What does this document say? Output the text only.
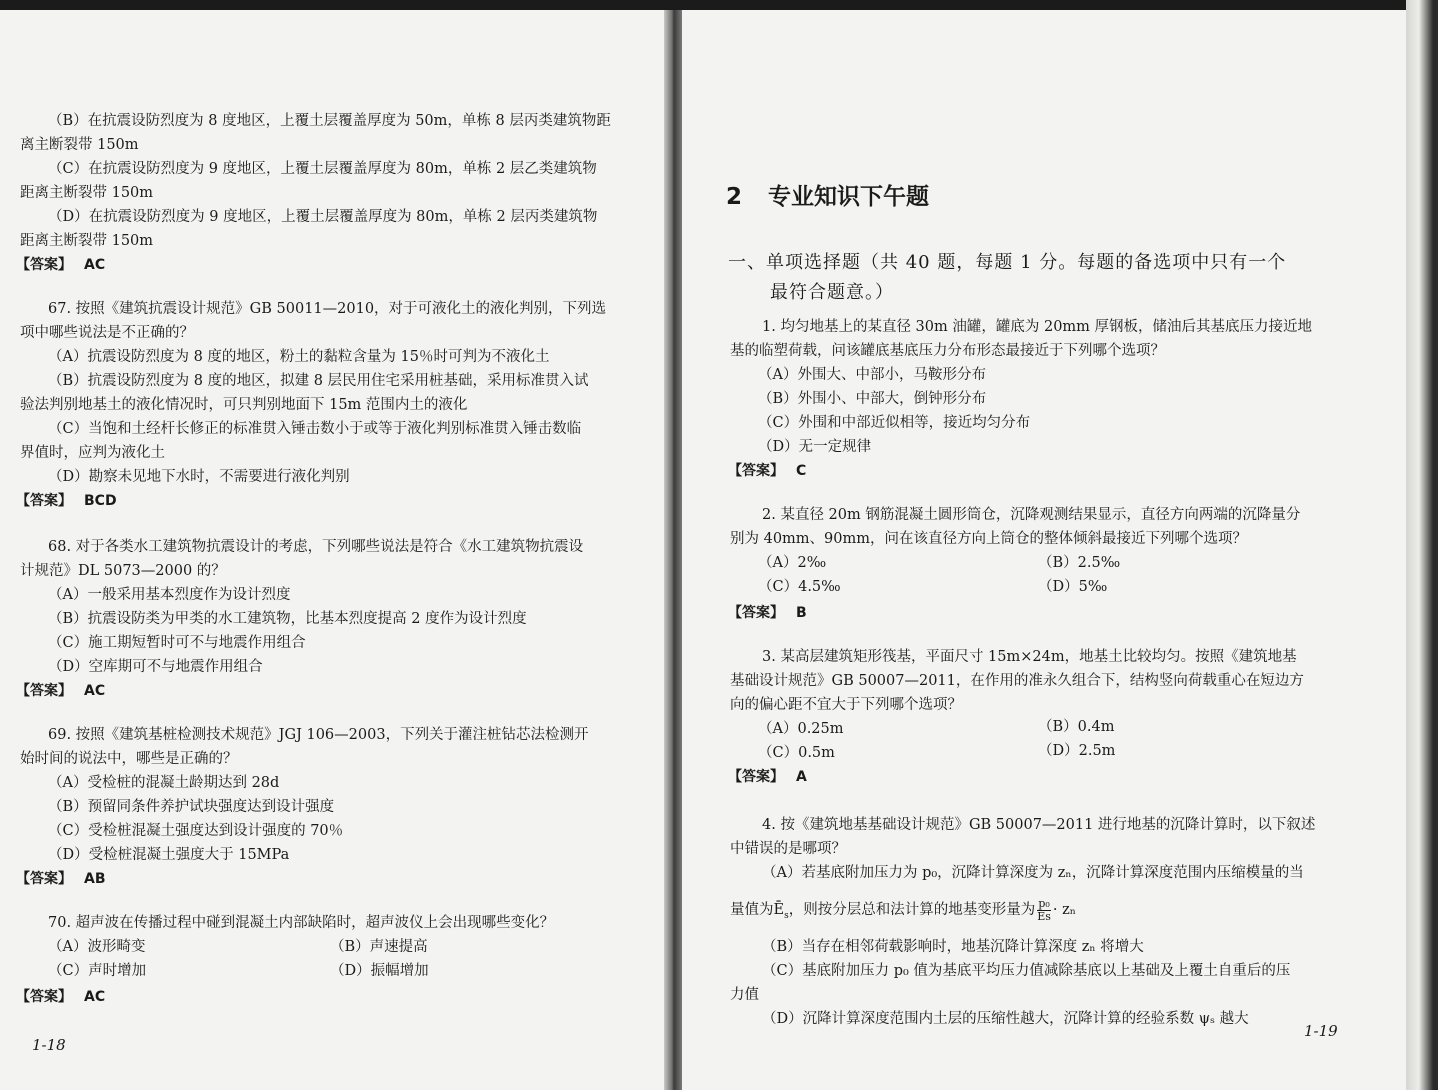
（B）在抗震设防烈度为 8 度地区，上覆土层覆盖厚度为 50m，单栋 8 层丙类建筑物距
离主断裂带 150m
（C）在抗震设防烈度为 9 度地区，上覆土层覆盖厚度为 80m，单栋 2 层乙类建筑物
距离主断裂带 150m
（D）在抗震设防烈度为 9 度地区，上覆土层覆盖厚度为 80m，单栋 2 层丙类建筑物
距离主断裂带 150m
【答案】 AC
67. 按照《建筑抗震设计规范》GB 50011—2010，对于可液化土的液化判别，下列选
项中哪些说法是不正确的？
（A）抗震设防烈度为 8 度的地区，粉土的黏粒含量为 15％时可判为不液化土
（B）抗震设防烈度为 8 度的地区，拟建 8 层民用住宅采用桩基础，采用标准贯入试
验法判别地基土的液化情况时，可只判别地面下 15m 范围内土的液化
（C）当饱和土经杆长修正的标准贯入锤击数小于或等于液化判别标准贯入锤击数临
界值时，应判为液化土
（D）勘察未见地下水时，不需要进行液化判别
【答案】 BCD
68. 对于各类水工建筑物抗震设计的考虑，下列哪些说法是符合《水工建筑物抗震设
计规范》DL 5073—2000 的？
（A）一般采用基本烈度作为设计烈度
（B）抗震设防类为甲类的水工建筑物，比基本烈度提高 2 度作为设计烈度
（C）施工期短暂时可不与地震作用组合
（D）空库期可不与地震作用组合
【答案】 AC
69. 按照《建筑基桩检测技术规范》JGJ 106—2003，下列关于灌注桩钻芯法检测开
始时间的说法中，哪些是正确的？
（A）受检桩的混凝土龄期达到 28d
（B）预留同条件养护试块强度达到设计强度
（C）受检桩混凝土强度达到设计强度的 70％
（D）受检桩混凝土强度大于 15MPa
【答案】 AB
70. 超声波在传播过程中碰到混凝土内部缺陷时，超声波仪上会出现哪些变化？
（A）波形畸变	（B）声速提高
（C）声时增加	（D）振幅增加
【答案】 AC
1-18
2 专业知识下午题
一、单项选择题（共 40 题，每题 1 分。每题的备选项中只有一个
最符合题意。）
1. 均匀地基上的某直径 30m 油罐，罐底为 20mm 厚钢板，储油后其基底压力接近地
基的临塑荷载，问该罐底基底压力分布形态最接近于下列哪个选项？
（A）外围大、中部小，马鞍形分布
（B）外围小、中部大，倒钟形分布
（C）外围和中部近似相等，接近均匀分布
（D）无一定规律
【答案】 C
2. 某直径 20m 钢筋混凝土圆形筒仓，沉降观测结果显示，直径方向两端的沉降量分
别为 40mm、90mm，问在该直径方向上筒仓的整体倾斜最接近下列哪个选项？
（A）2‰	（B）2.5‰
（C）4.5‰	（D）5‰
【答案】 B
3. 某高层建筑矩形筏基，平面尺寸 15m×24m，地基土比较均匀。按照《建筑地基
基础设计规范》GB 50007—2011，在作用的准永久组合下，结构竖向荷载重心在短边方
向的偏心距不宜大于下列哪个选项？
（A）0.25m	（B）0.4m
（C）0.5m	（D）2.5m
【答案】 A
4. 按《建筑地基基础设计规范》GB 50007—2011 进行地基的沉降计算时，以下叙述
中错误的是哪项？
（A）若基底附加压力为 p₀，沉降计算深度为 zₙ，沉降计算深度范围内压缩模量的当
量值为$Ē_s$，则按分层总和法计算的地基变形量为 $\frac{\text{p₀}}{Ēs} \cdot z_n$
（B）当存在相邻荷载影响时，地基沉降计算深度 zₙ 将增大
（C）基底附加压力 p₀ 值为基底平均压力值减除基底以上基础及上覆土自重后的压
力值
（D）沉降计算深度范围内土层的压缩性越大，沉降计算的经验系数 ψₛ 越大
1-19
